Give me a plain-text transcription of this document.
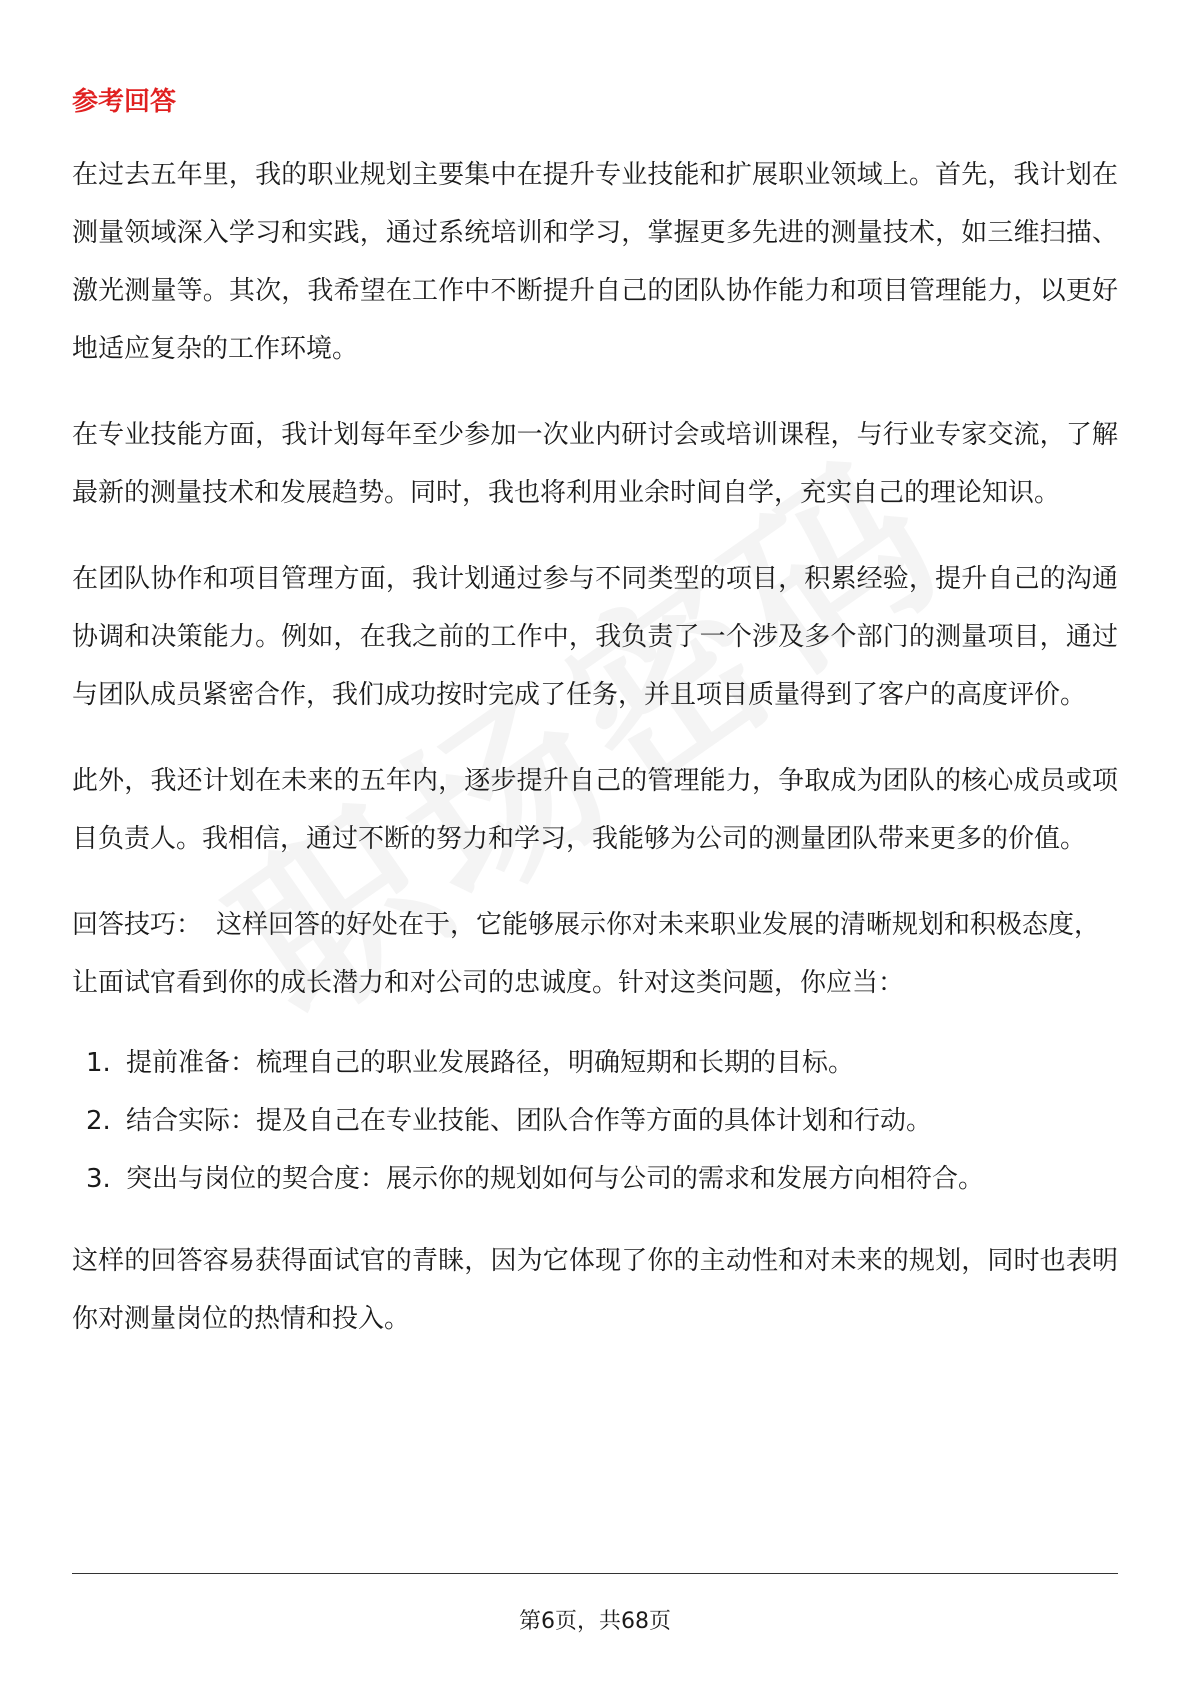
参考回答

在过去五年里，我的职业规划主要集中在提升专业技能和扩展职业领域上。首先，我计划在测量领域深入学习和实践，通过系统培训和学习，掌握更多先进的测量技术，如三维扫描、激光测量等。其次，我希望在工作中不断提升自己的团队协作能力和项目管理能力，以更好地适应复杂的工作环境。

在专业技能方面，我计划每年至少参加一次业内研讨会或培训课程，与行业专家交流，了解最新的测量技术和发展趋势。同时，我也将利用业余时间自学，充实自己的理论知识。

在团队协作和项目管理方面，我计划通过参与不同类型的项目，积累经验，提升自己的沟通协调和决策能力。例如，在我之前的工作中，我负责了一个涉及多个部门的测量项目，通过与团队成员紧密合作，我们成功按时完成了任务，并且项目质量得到了客户的高度评价。

此外，我还计划在未来的五年内，逐步提升自己的管理能力，争取成为团队的核心成员或项目负责人。我相信，通过不断的努力和学习，我能够为公司的测量团队带来更多的价值。

回答技巧： 这样回答的好处在于，它能够展示你对未来职业发展的清晰规划和积极态度，让面试官看到你的成长潜力和对公司的忠诚度。针对这类问题，你应当：

1. 提前准备：梳理自己的职业发展路径，明确短期和长期的目标。
2. 结合实际：提及自己在专业技能、团队合作等方面的具体计划和行动。
3. 突出与岗位的契合度：展示你的规划如何与公司的需求和发展方向相符合。

这样的回答容易获得面试官的青睐，因为它体现了你的主动性和对未来的规划，同时也表明你对测量岗位的热情和投入。

第6页，共68页
